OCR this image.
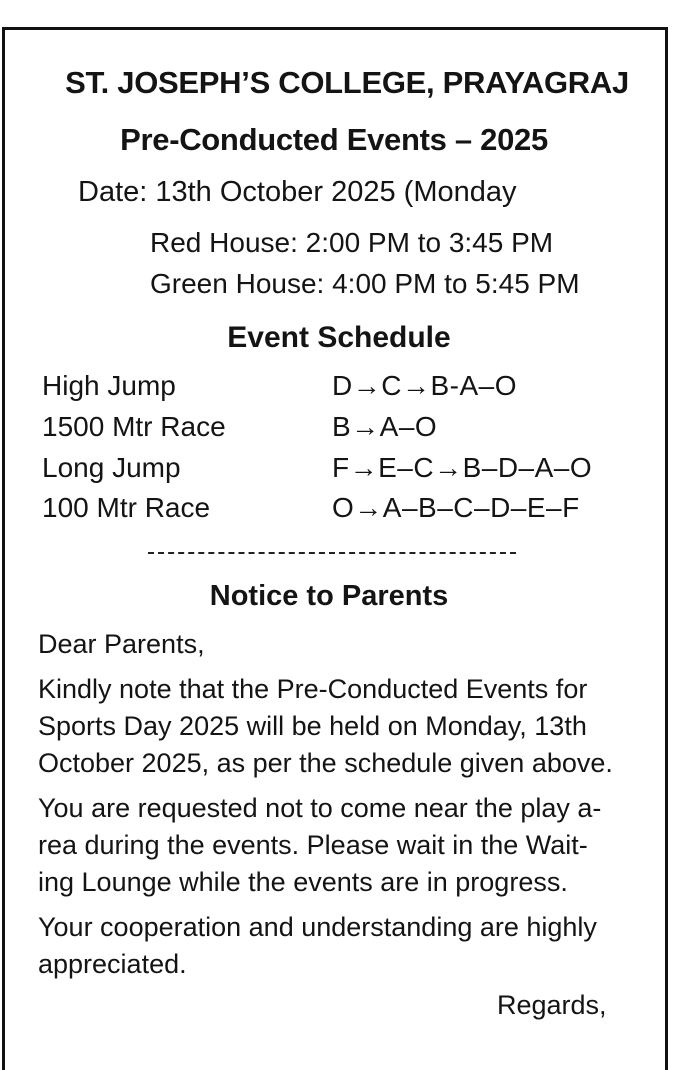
ST. JOSEPH’S COLLEGE, PRAYAGRAJ
Pre-Conducted Events – 2025
Date: 13th October 2025 (Monday
Red House: 2:00 PM to 3:45 PM
Green House: 4:00 PM to 5:45 PM
Event Schedule
High Jump	D→C→B-A–O
1500 Mtr Race	B→A–O
Long Jump	F→E–C→B–D–A–O
100 Mtr Race	O→A–B–C–D–E–F
Notice to Parents
Dear Parents,
Kindly note that the Pre-Conducted Events for
Sports Day 2025 will be held on Monday, 13th
October 2025, as per the schedule given above.
You are requested not to come near the play a-
rea during the events. Please wait in the Wait-
ing Lounge while the events are in progress.
Your cooperation and understanding are highly
appreciated.
Regards,
